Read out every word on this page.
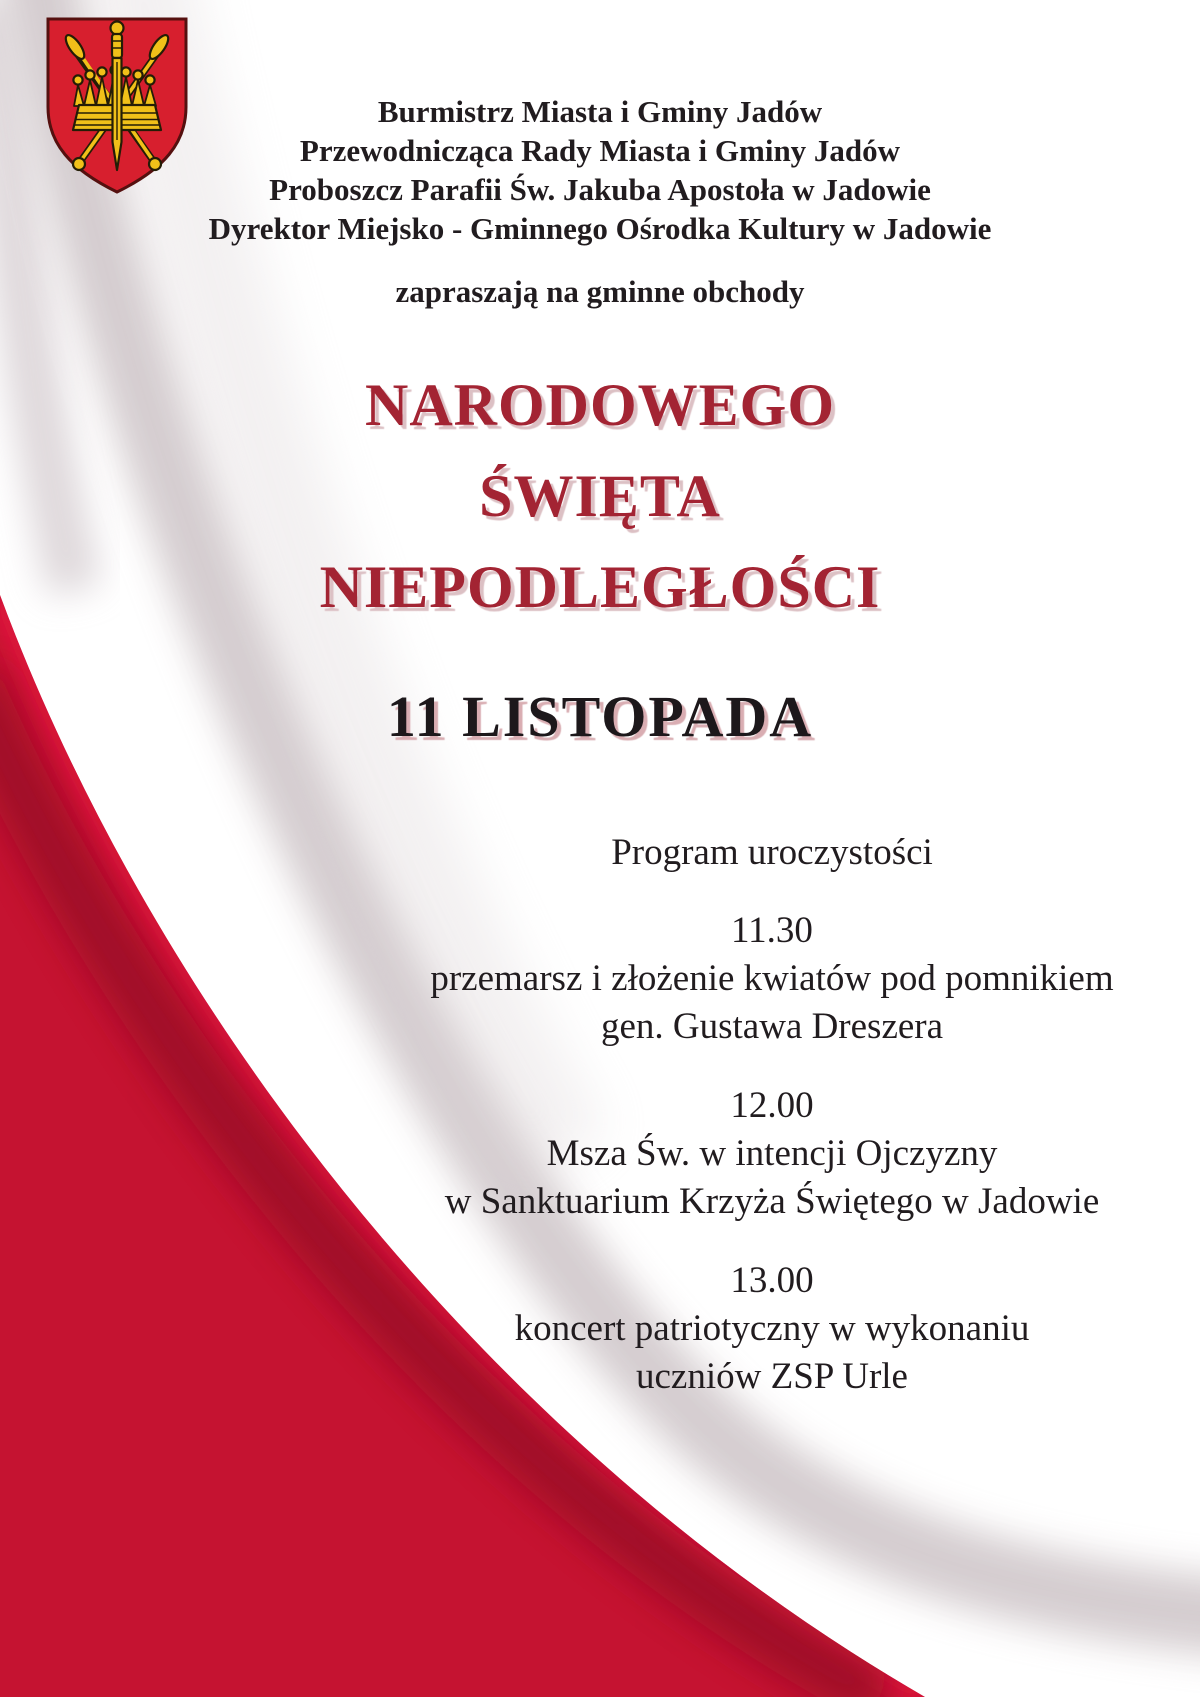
Burmistrz Miasta i Gminy Jadów
Przewodnicząca Rady Miasta i Gminy Jadów
Proboszcz Parafii Św. Jakuba Apostoła w Jadowie
Dyrektor Miejsko - Gminnego Ośrodka Kultury w Jadowie
zapraszają na gminne obchody
NARODOWEGO
ŚWIĘTA
NIEPODLEGŁOŚCI
11 LISTOPADA
Program uroczystości
11.30
przemarsz i złożenie kwiatów pod pomnikiem
gen. Gustawa Dreszera
12.00
Msza Św. w intencji Ojczyzny
w Sanktuarium Krzyża Świętego w Jadowie
13.00
koncert patriotyczny w wykonaniu
uczniów ZSP Urle
